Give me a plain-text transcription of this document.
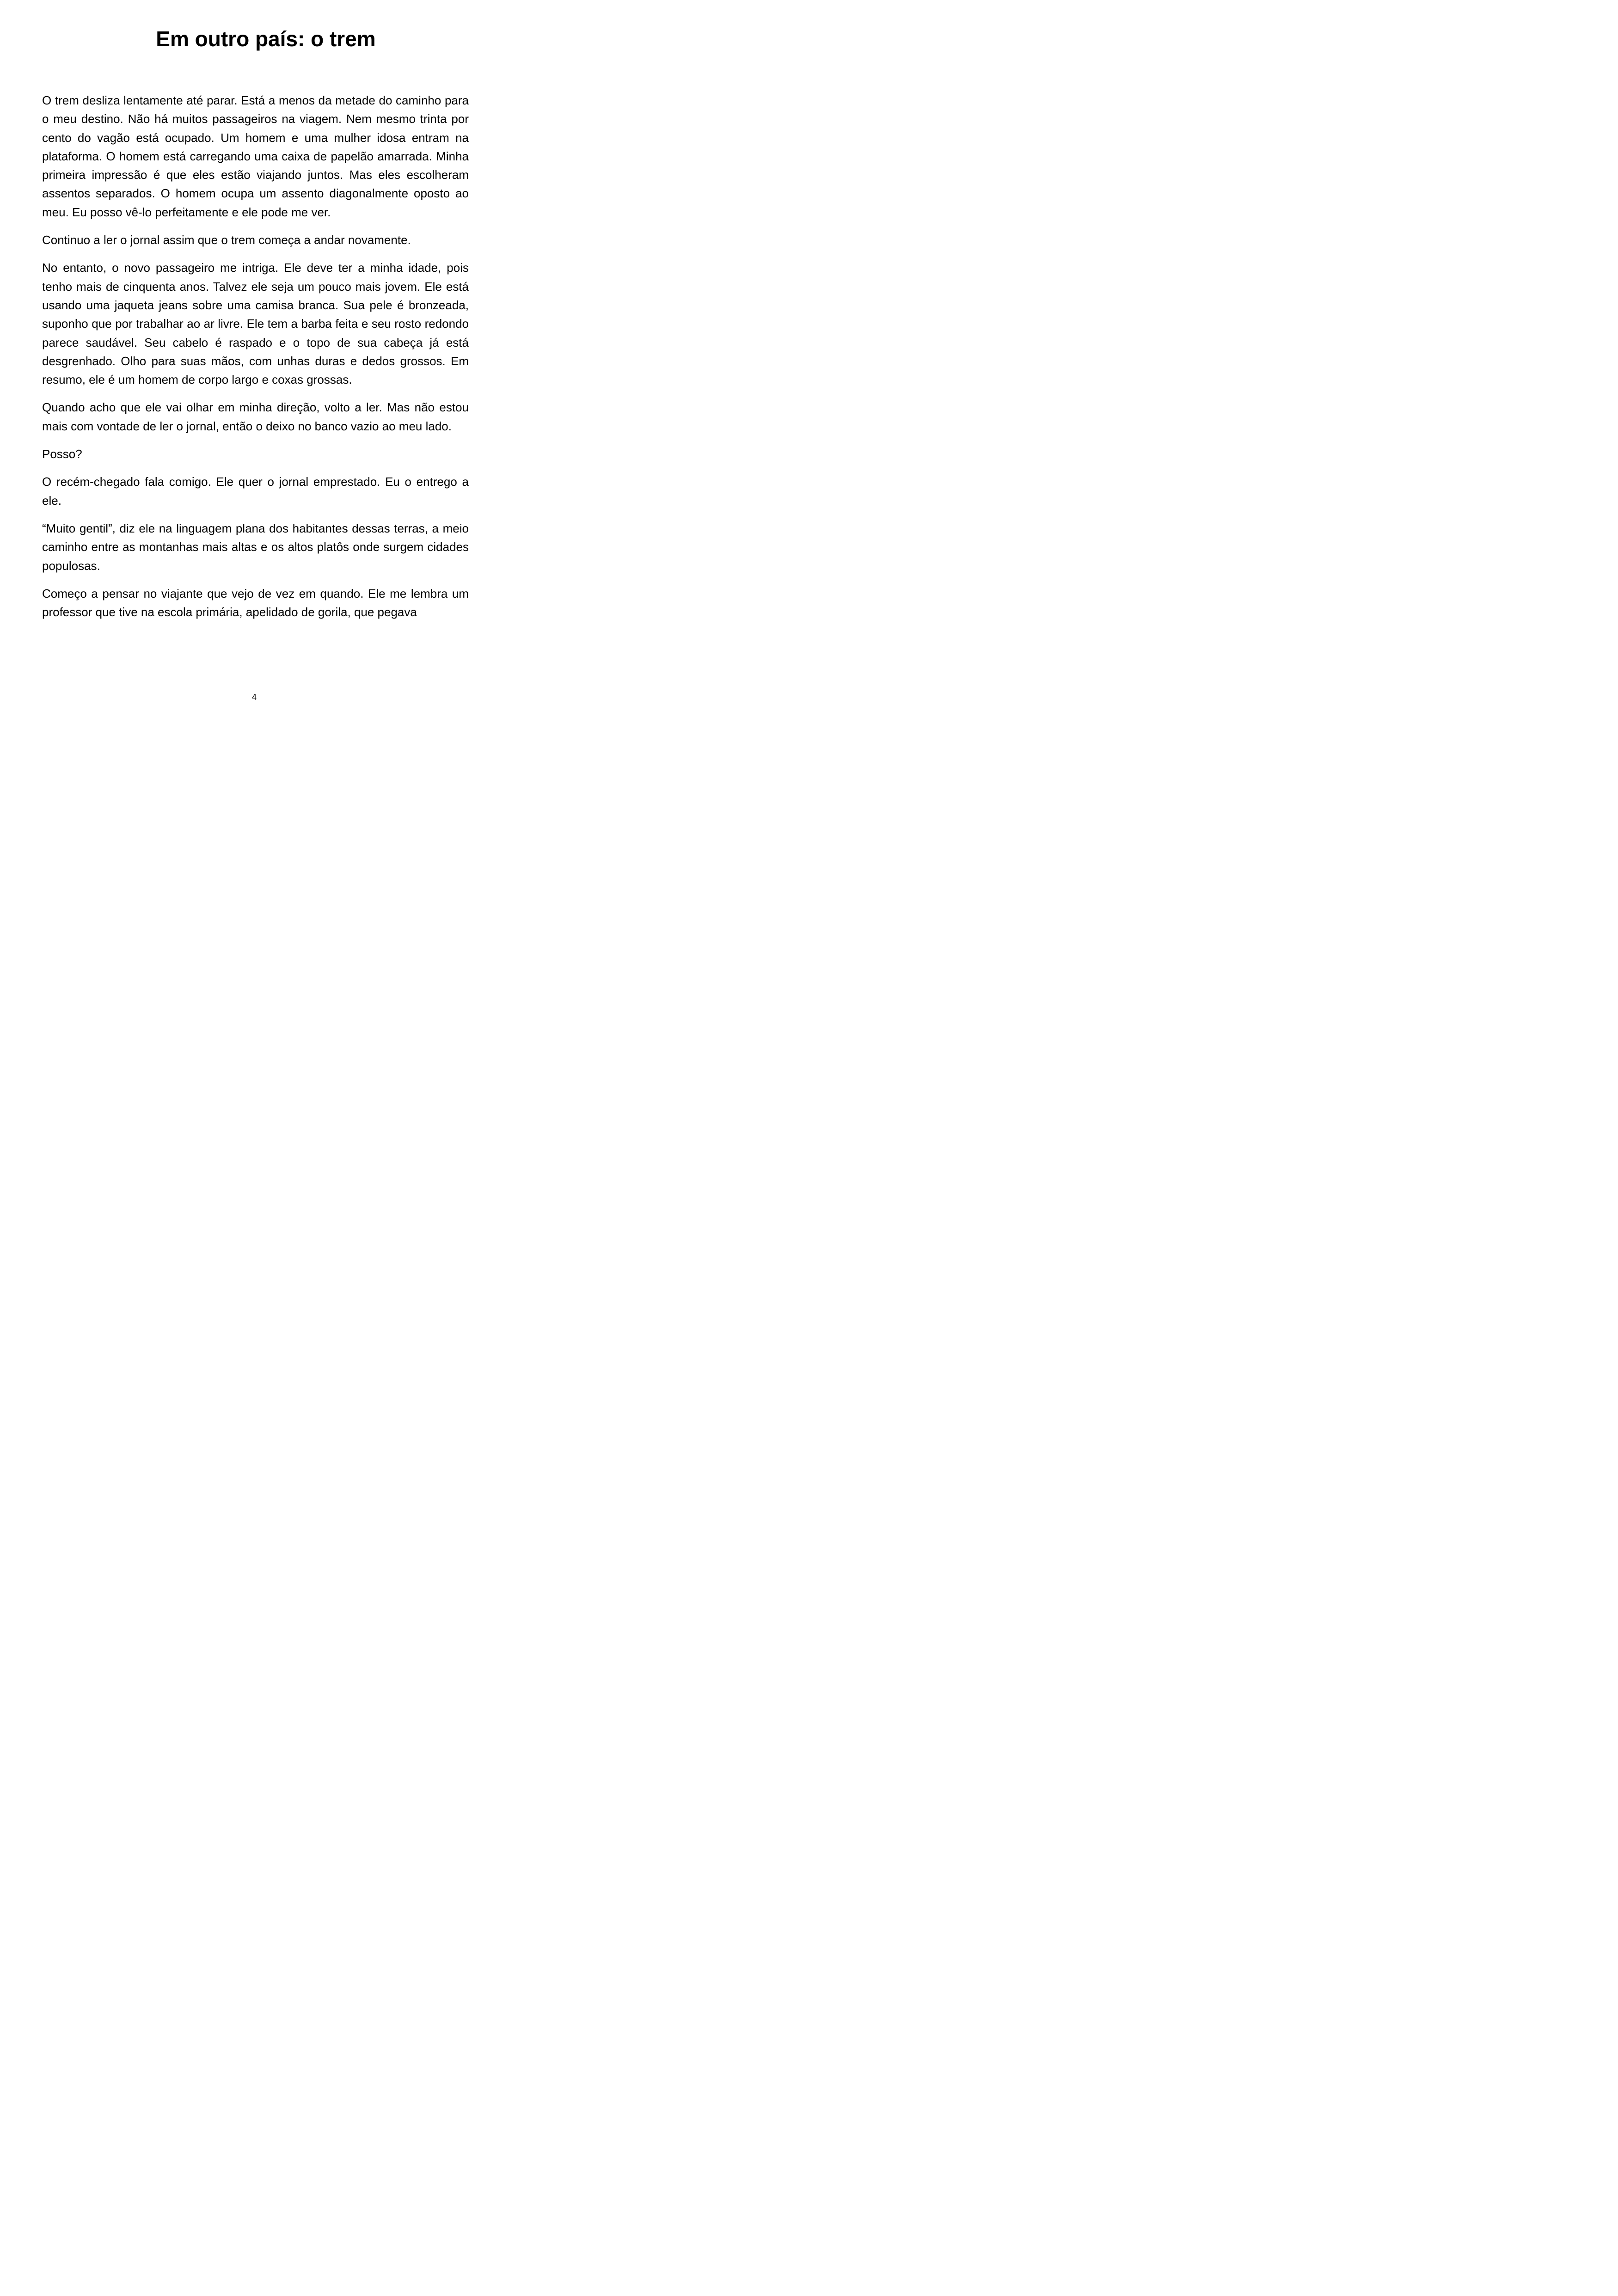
Em outro país: o trem

O trem desliza lentamente até parar. Está a menos da metade do caminho para o meu destino. Não há muitos passageiros na viagem. Nem mesmo trinta por cento do vagão está ocupado. Um homem e uma mulher idosa entram na plataforma. O homem está carregando uma caixa de papelão amarrada. Minha primeira impressão é que eles estão viajando juntos. Mas eles escolheram assentos separados. O homem ocupa um assento diagonalmente oposto ao meu. Eu posso vê-lo perfeitamente e ele pode me ver.

Continuo a ler o jornal assim que o trem começa a andar novamente.

No entanto, o novo passageiro me intriga. Ele deve ter a minha idade, pois tenho mais de cinquenta anos. Talvez ele seja um pouco mais jovem. Ele está usando uma jaqueta jeans sobre uma camisa branca. Sua pele é bronzeada, suponho que por trabalhar ao ar livre. Ele tem a barba feita e seu rosto redondo parece saudável. Seu cabelo é raspado e o topo de sua cabeça já está desgrenhado. Olho para suas mãos, com unhas duras e dedos grossos. Em resumo, ele é um homem de corpo largo e coxas grossas.

Quando acho que ele vai olhar em minha direção, volto a ler. Mas não estou mais com vontade de ler o jornal, então o deixo no banco vazio ao meu lado.

Posso?

O recém-chegado fala comigo. Ele quer o jornal emprestado. Eu o entrego a ele.

“Muito gentil”, diz ele na linguagem plana dos habitantes dessas terras, a meio caminho entre as montanhas mais altas e os altos platôs onde surgem cidades populosas.

Começo a pensar no viajante que vejo de vez em quando. Ele me lembra um professor que tive na escola primária, apelidado de gorila, que pegava

4
